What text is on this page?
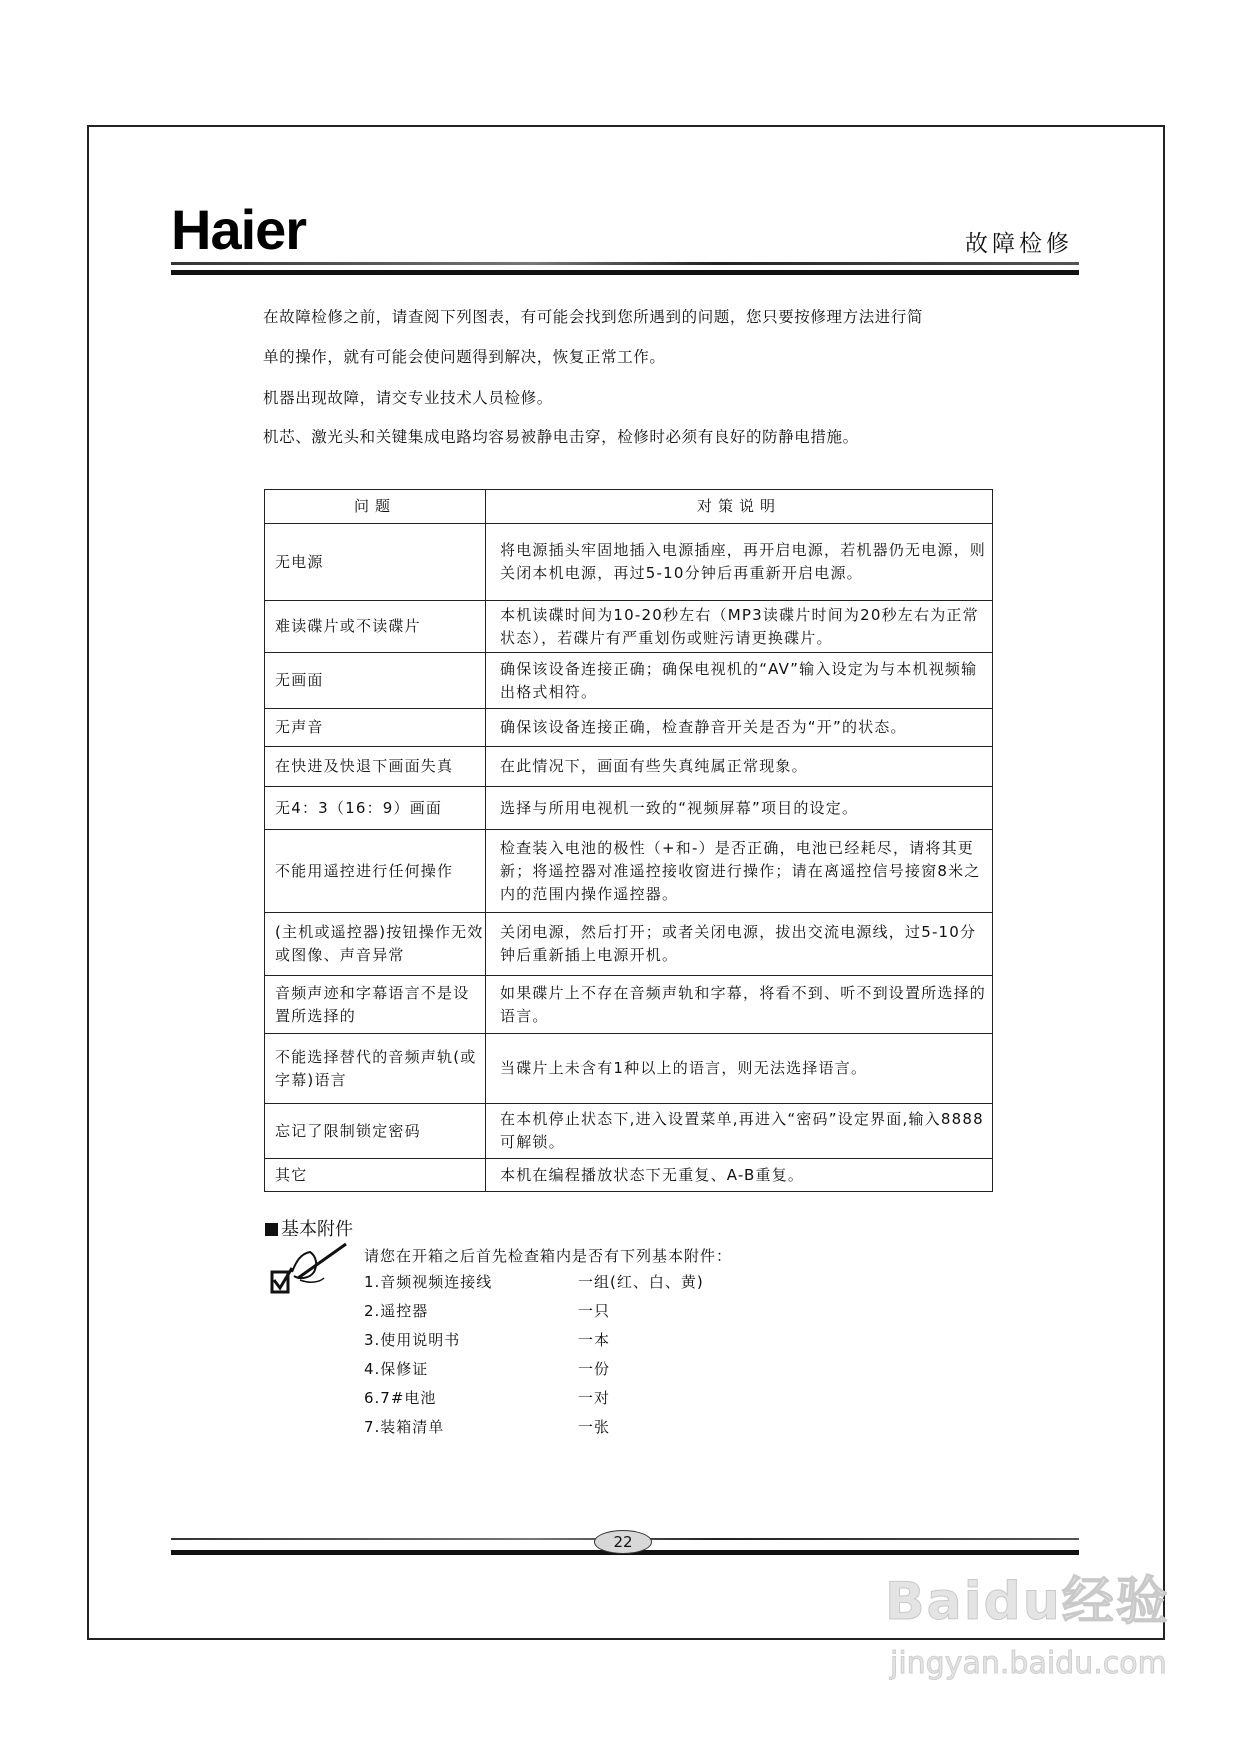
Haier	故障检修
在故障检修之前，请查阅下列图表，有可能会找到您所遇到的问题，您只要按修理方法进行简
单的操作，就有可能会使问题得到解决，恢复正常工作。
机器出现故障，请交专业技术人员检修。
机芯、激光头和关键集成电路均容易被静电击穿，检修时必须有良好的防静电措施。
问题	对策说明
无电源	将电源插头牢固地插入电源插座，再开启电源，若机器仍无电源，则关闭本机电源，再过5-10分钟后再重新开启电源。
难读碟片或不读碟片	本机读碟时间为10-20秒左右（MP3读碟片时间为20秒左右为正常状态），若碟片有严重划伤或赃污请更换碟片。
无画面	确保该设备连接正确；确保电视机的“AV”输入设定为与本机视频输出格式相符。
无声音	确保该设备连接正确，检查静音开关是否为“开”的状态。
在快进及快退下画面失真	在此情况下，画面有些失真纯属正常现象。
无4：3（16：9）画面	选择与所用电视机一致的“视频屏幕”项目的设定。
不能用遥控进行任何操作	检查装入电池的极性（+和-）是否正确，电池已经耗尽，请将其更新；将遥控器对准遥控接收窗进行操作；请在离遥控信号接窗8米之内的范围内操作遥控器。
(主机或遥控器)按钮操作无效或图像、声音异常	关闭电源，然后打开；或者关闭电源，拔出交流电源线，过5-10分钟后重新插上电源开机。
音频声迹和字幕语言不是设置所选择的	如果碟片上不存在音频声轨和字幕，将看不到、听不到设置所选择的语言。
不能选择替代的音频声轨(或字幕)语言	当碟片上未含有1种以上的语言，则无法选择语言。
忘记了限制锁定密码	在本机停止状态下,进入设置菜单,再进入“密码”设定界面,输入8888可解锁。
其它	本机在编程播放状态下无重复、A-B重复。
基本附件
请您在开箱之后首先检查箱内是否有下列基本附件：
1.音频视频连接线	一组(红、白、黄)
2.遥控器	一只
3.使用说明书	一本
4.保修证	一份
6.7#电池	一对
7.装箱清单	一张
22
Baidu经验
jingyan.baidu.com
